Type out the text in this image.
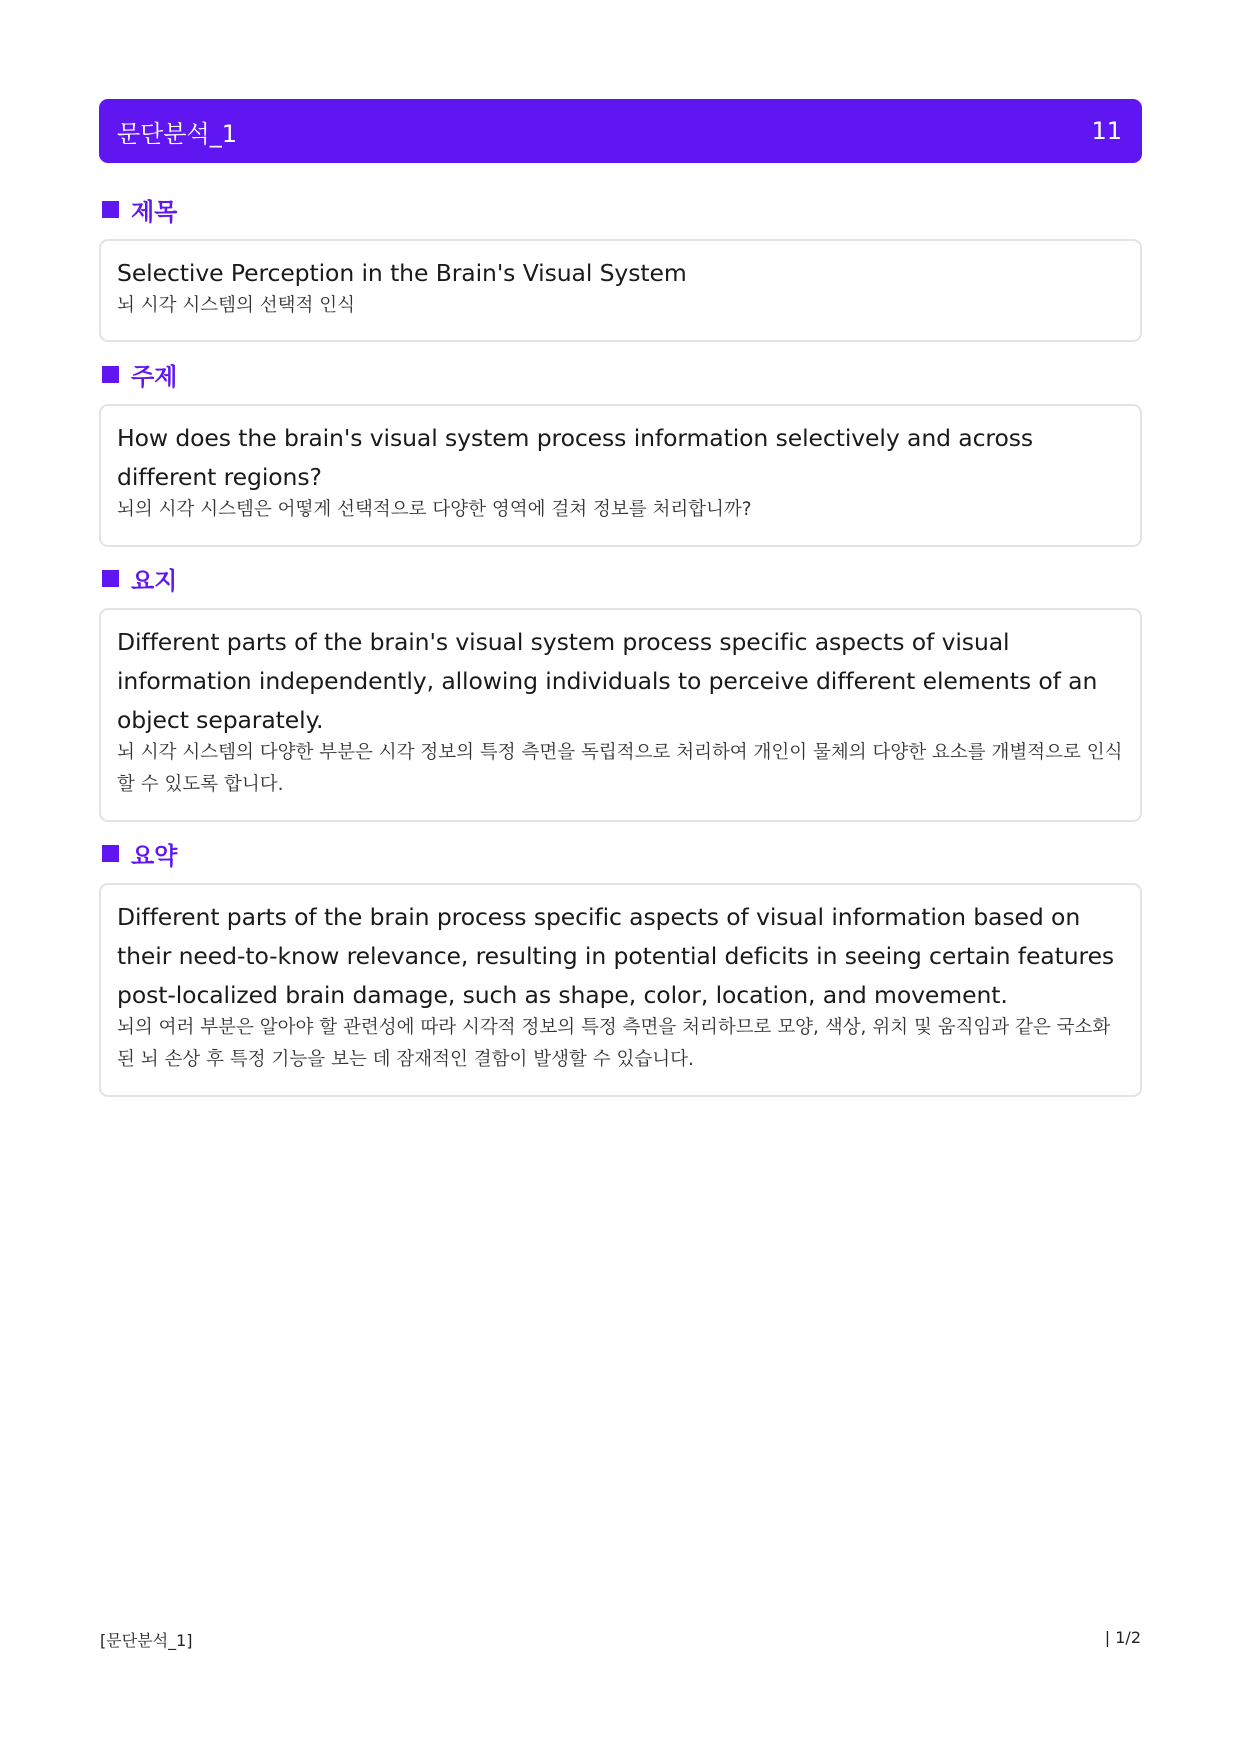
문단분석_1	11
제목
Selective Perception in the Brain's Visual System
뇌 시각 시스템의 선택적 인식
주제
How does the brain's visual system process information selectively and across different regions?
뇌의 시각 시스템은 어떻게 선택적으로 다양한 영역에 걸쳐 정보를 처리합니까?
요지
Different parts of the brain's visual system process specific aspects of visual information independently, allowing individuals to perceive different elements of an object separately.
뇌 시각 시스템의 다양한 부분은 시각 정보의 특정 측면을 독립적으로 처리하여 개인이 물체의 다양한 요소를 개별적으로 인식할 수 있도록 합니다.
요약
Different parts of the brain process specific aspects of visual information based on their need-to-know relevance, resulting in potential deficits in seeing certain features post-localized brain damage, such as shape, color, location, and movement.
뇌의 여러 부분은 알아야 할 관련성에 따라 시각적 정보의 특정 측면을 처리하므로 모양, 색상, 위치 및 움직임과 같은 국소화된 뇌 손상 후 특정 기능을 보는 데 잠재적인 결함이 발생할 수 있습니다.
[문단분석_1]	| 1/2
